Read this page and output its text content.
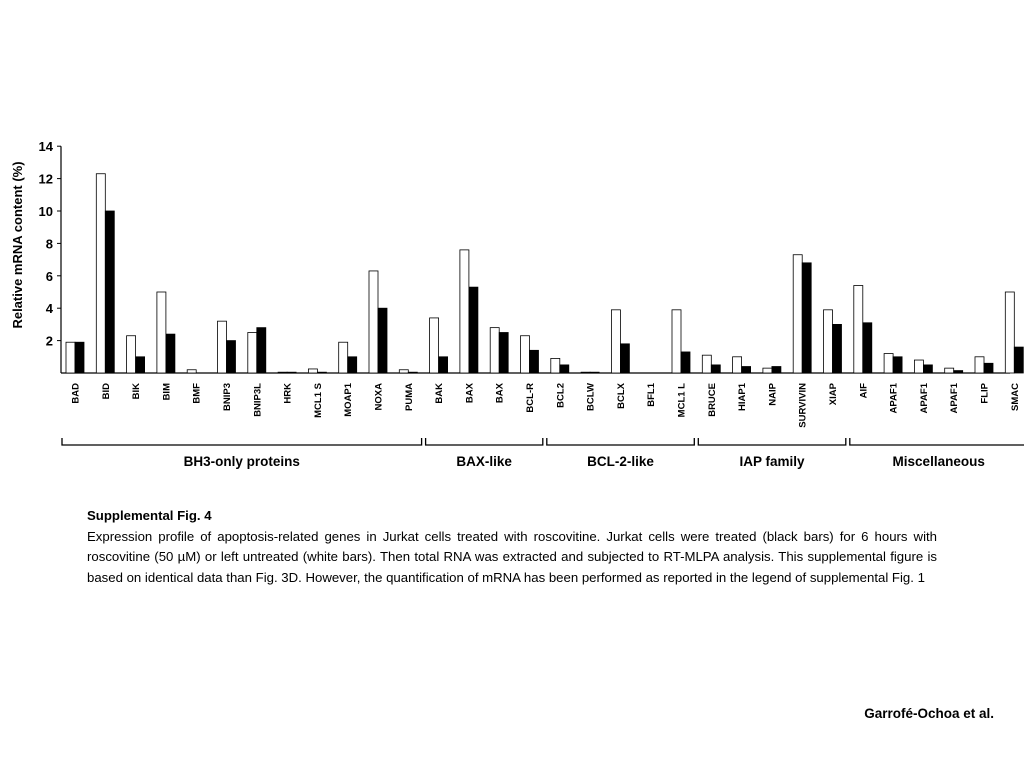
2
4
6
8
10
12
14
BAD BID BIK BIM BMF BNIP3 BNIP3L HRK MCL1 S MOAP1 NOXA PUMA BAK BAX BAX BCL-R BCL2 BCLW BCLX BFL1 MCL1 L BRUCE HIAP1 NAIP SURVIVIN XIAP AIF APAF1 APAF1 APAF1 FLIP SMAC
BH3-only proteins	BAX-like	BCL-2-like	IAP family	Miscellaneous
Relative mRNA content (%)
Supplemental Fig. 4
Expression profile of apoptosis-related genes in Jurkat cells treated with roscovitine. Jurkat cells were treated (black bars) for 6 hours with roscovitine (50 µM) or left untreated (white bars). Then total RNA was extracted and subjected to RT-MLPA analysis. This supplemental figure is based on identical data than Fig. 3D. However, the quantification of mRNA has been performed as reported in the legend of supplemental Fig. 1
Garrofé-Ochoa et al.
